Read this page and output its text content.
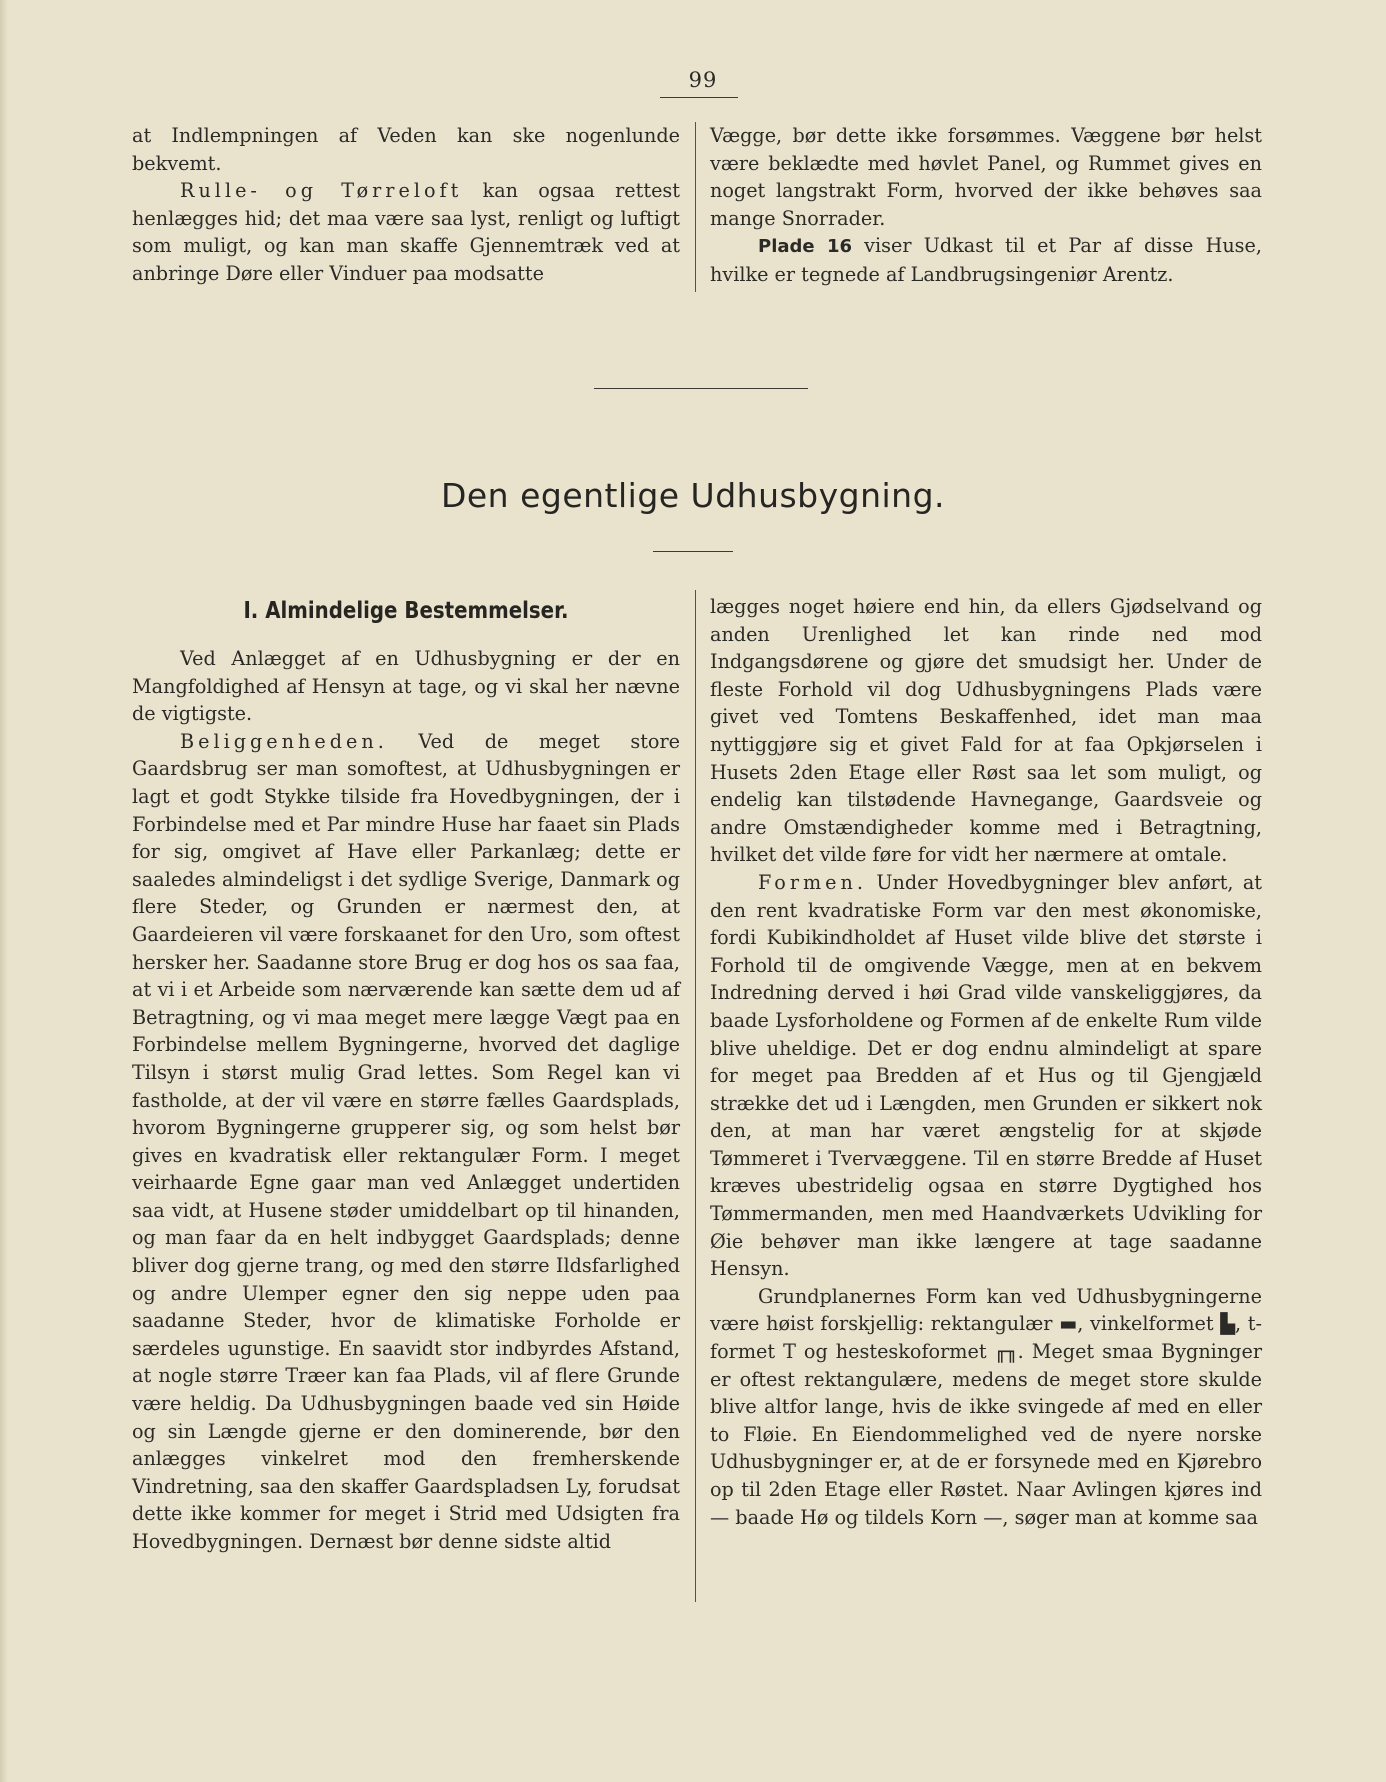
99

at Indlempningen af Veden kan ske nogenlunde bekvemt.

Rulle- og Tørreloft kan ogsaa rettest henlægges hid; det maa være saa lyst, renligt og luftigt som muligt, og kan man skaffe Gjennemtræk ved at anbringe Døre eller Vinduer paa modsatte

Vægge, bør dette ikke forsømmes. Væggene bør helst være beklædte med høvlet Panel, og Rummet gives en noget langstrakt Form, hvorved der ikke behøves saa mange Snorrader.

Plade 16 viser Udkast til et Par af disse Huse, hvilke er tegnede af Landbrugsingeniør Arentz.

Den egentlige Udhusbygning.
I. Almindelige Bestemmelser.

Ved Anlægget af en Udhusbygning er der en Mangfoldighed af Hensyn at tage, og vi skal her nævne de vigtigste.

Beliggenheden. Ved de meget store Gaardsbrug ser man somoftest, at Udhusbygningen er lagt et godt Stykke tilside fra Hovedbygningen, der i Forbindelse med et Par mindre Huse har faaet sin Plads for sig, omgivet af Have eller Parkanlæg; dette er saaledes almindeligst i det sydlige Sverige, Danmark og flere Steder, og Grunden er nærmest den, at Gaardeieren vil være forskaanet for den Uro, som oftest hersker her. Saadanne store Brug er dog hos os saa faa, at vi i et Arbeide som nærværende kan sætte dem ud af Betragtning, og vi maa meget mere lægge Vægt paa en Forbindelse mellem Bygningerne, hvorved det daglige Tilsyn i størst mulig Grad lettes. Som Regel kan vi fastholde, at der vil være en større fælles Gaardsplads, hvorom Bygningerne grupperer sig, og som helst bør gives en kvadratisk eller rektangulær Form. I meget veirhaarde Egne gaar man ved Anlægget undertiden saa vidt, at Husene støder umiddelbart op til hinanden, og man faar da en helt indbygget Gaardsplads; denne bliver dog gjerne trang, og med den større Ildsfarlighed og andre Ulemper egner den sig neppe uden paa saadanne Steder, hvor de klimatiske Forholde er særdeles ugunstige. En saavidt stor indbyrdes Afstand, at nogle større Træer kan faa Plads, vil af flere Grunde være heldig. Da Udhusbygningen baade ved sin Høide og sin Længde gjerne er den dominerende, bør den anlægges vinkelret mod den fremherskende Vindretning, saa den skaffer Gaardspladsen Ly, forudsat dette ikke kommer for meget i Strid med Udsigten fra Hovedbygningen. Dernæst bør denne sidste altid

lægges noget høiere end hin, da ellers Gjødselvand og anden Urenlighed let kan rinde ned mod Indgangsdørene og gjøre det smudsigt her. Under de fleste Forhold vil dog Udhusbygningens Plads være givet ved Tomtens Beskaffenhed, idet man maa nyttiggjøre sig et givet Fald for at faa Opkjørselen i Husets 2den Etage eller Røst saa let som muligt, og endelig kan tilstødende Havnegange, Gaardsveie og andre Omstændigheder komme med i Betragtning, hvilket det vilde føre for vidt her nærmere at omtale.

Formen. Under Hovedbygninger blev anført, at den rent kvadratiske Form var den mest økonomiske, fordi Kubikindholdet af Huset vilde blive det største i Forhold til de omgivende Vægge, men at en bekvem Indredning derved i høi Grad vilde vanskeliggjøres, da baade Lysforholdene og Formen af de enkelte Rum vilde blive uheldige. Det er dog endnu almindeligt at spare for meget paa Bredden af et Hus og til Gjengjæld strække det ud i Længden, men Grunden er sikkert nok den, at man har været ængstelig for at skjøde Tømmeret i Tvervæggene. Til en større Bredde af Huset kræves ubestridelig ogsaa en større Dygtighed hos Tømmermanden, men med Haandværkets Udvikling for Øie behøver man ikke længere at tage saadanne Hensyn.

Grundplanernes Form kan ved Udhusbygningerne være høist forskjellig: rektangulær ▬, vinkelformet ▙, t-formet T og hesteskoformet ╓╖. Meget smaa Bygninger er oftest rektangulære, medens de meget store skulde blive altfor lange, hvis de ikke svingede af med en eller to Fløie. En Eiendommelighed ved de nyere norske Udhusbygninger er, at de er forsynede med en Kjørebro op til 2den Etage eller Røstet. Naar Avlingen kjøres ind — baade Hø og tildels Korn —, søger man at komme saa
